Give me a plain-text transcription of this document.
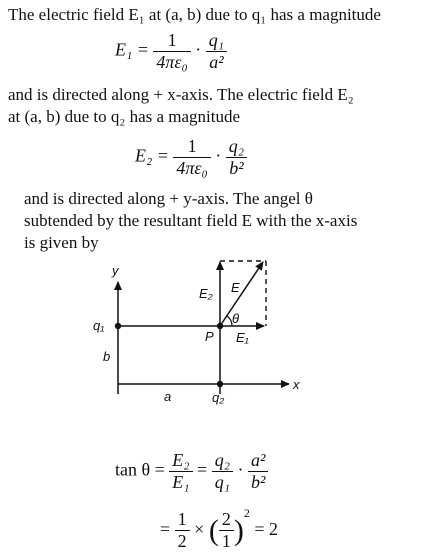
The electric field E₁ at (a, b) due to q₁ has a magnitude
$E_1 = \frac{1}{\text{4πε₀}} \cdot \frac{\text{q₁}}{\text{a²}}$
and is directed along + x-axis. The electric field E₂
at (a, b) due to q₂ has a magnitude
$E_2 = \frac{1}{\text{4πε₀}} \cdot \frac{\text{q₂}}{\text{b²}}$
and is directed along + y-axis. The angel θ
subtended by the resultant field E with the x-axis
is given by
y
x
q₁
b
a	q₂
P E₁
E₂ E
θ
$\tan \theta = \frac{\text{E₂}}{\text{E₁}} = \frac{\text{q₂}}{\text{q₁}} \cdot \frac{\text{a²}}{\text{b²}}$
= $\frac{1}{2}$ × ( $\frac{2}{1} )^2 = 2$
